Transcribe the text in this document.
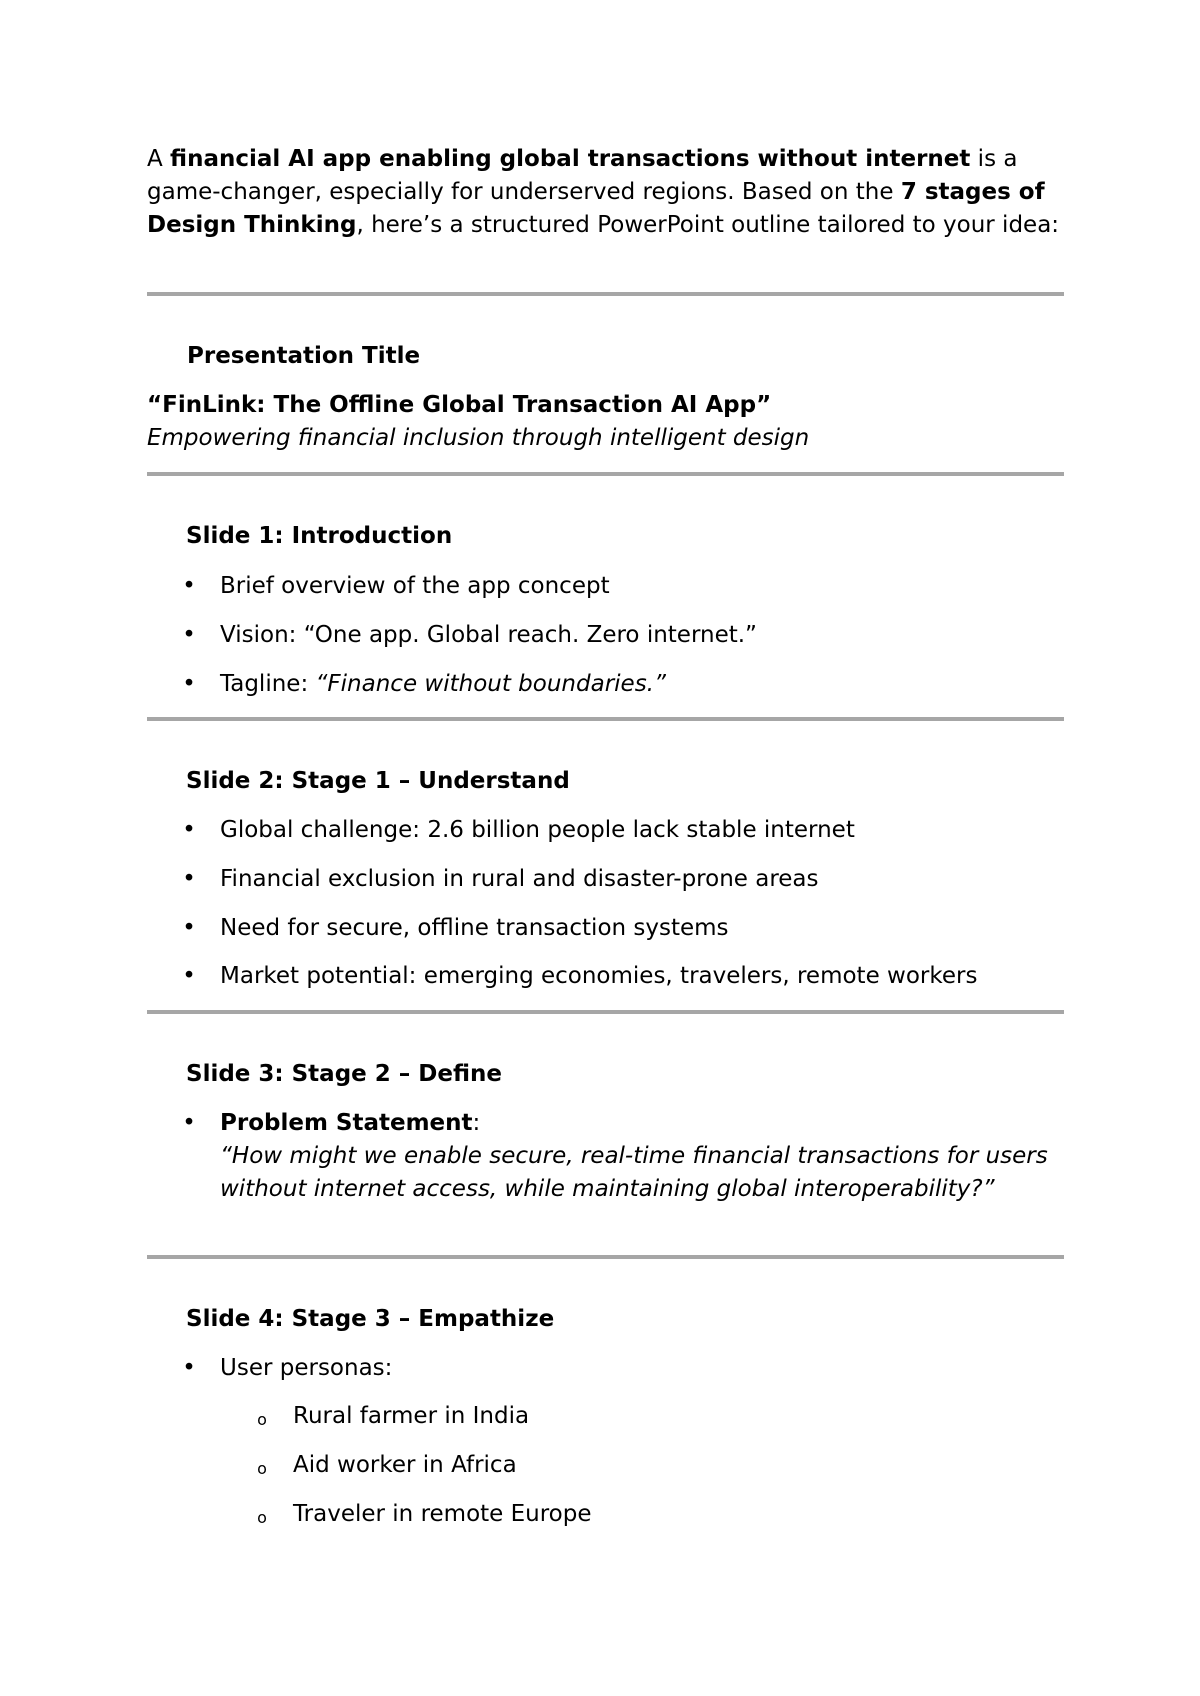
A financial AI app enabling global transactions without internet is a game-changer, especially for underserved regions. Based on the 7 stages of Design Thinking, here’s a structured PowerPoint outline tailored to your idea:
Presentation Title
“FinLink: The Offline Global Transaction AI App”
Empowering financial inclusion through intelligent design
Slide 1: Introduction
•	Brief overview of the app concept
•	Vision: “One app. Global reach. Zero internet.”
•	Tagline: “Finance without boundaries.”
Slide 2: Stage 1 – Understand
•	Global challenge: 2.6 billion people lack stable internet
•	Financial exclusion in rural and disaster-prone areas
•	Need for secure, offline transaction systems
•	Market potential: emerging economies, travelers, remote workers
Slide 3: Stage 2 – Define
•	Problem Statement:
“How might we enable secure, real-time financial transactions for users without internet access, while maintaining global interoperability?”
Slide 4: Stage 3 – Empathize
•	User personas:
o Rural farmer in India
o Aid worker in Africa
o Traveler in remote Europe
